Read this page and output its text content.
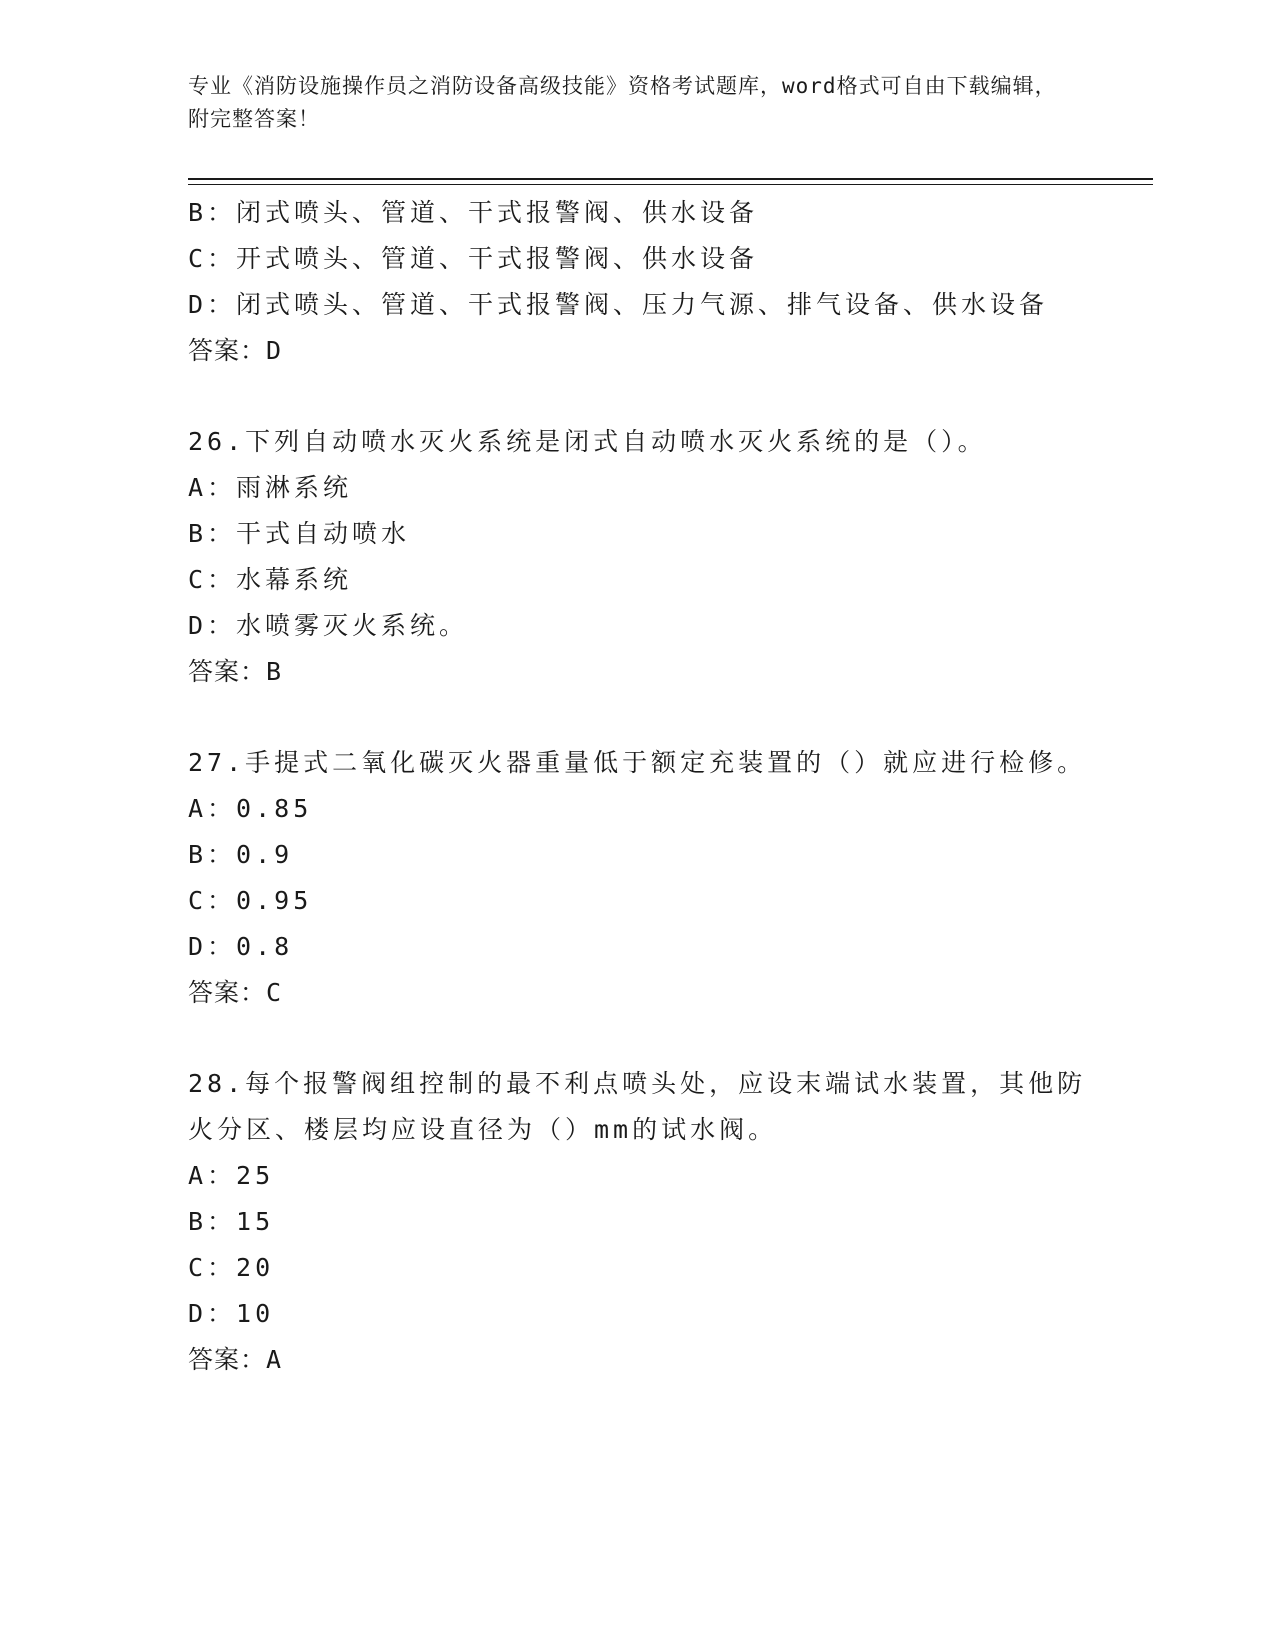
专业《消防设施操作员之消防设备高级技能》资格考试题库，word格式可自由下载编辑，附完整答案！
B：闭式喷头、管道、干式报警阀、供水设备
C：开式喷头、管道、干式报警阀、供水设备
D：闭式喷头、管道、干式报警阀、压力气源、排气设备、供水设备
答案：D
26.下列自动喷水灭火系统是闭式自动喷水灭火系统的是（）。
A：雨淋系统
B：干式自动喷水
C：水幕系统
D：水喷雾灭火系统。
答案：B
27.手提式二氧化碳灭火器重量低于额定充装置的（）就应进行检修。
A：0.85
B：0.9
C：0.95
D：0.8
答案：C
28.每个报警阀组控制的最不利点喷头处，应设末端试水装置，其他防火分区、楼层均应设直径为（）mm的试水阀。
A：25
B：15
C：20
D：10
答案：A
